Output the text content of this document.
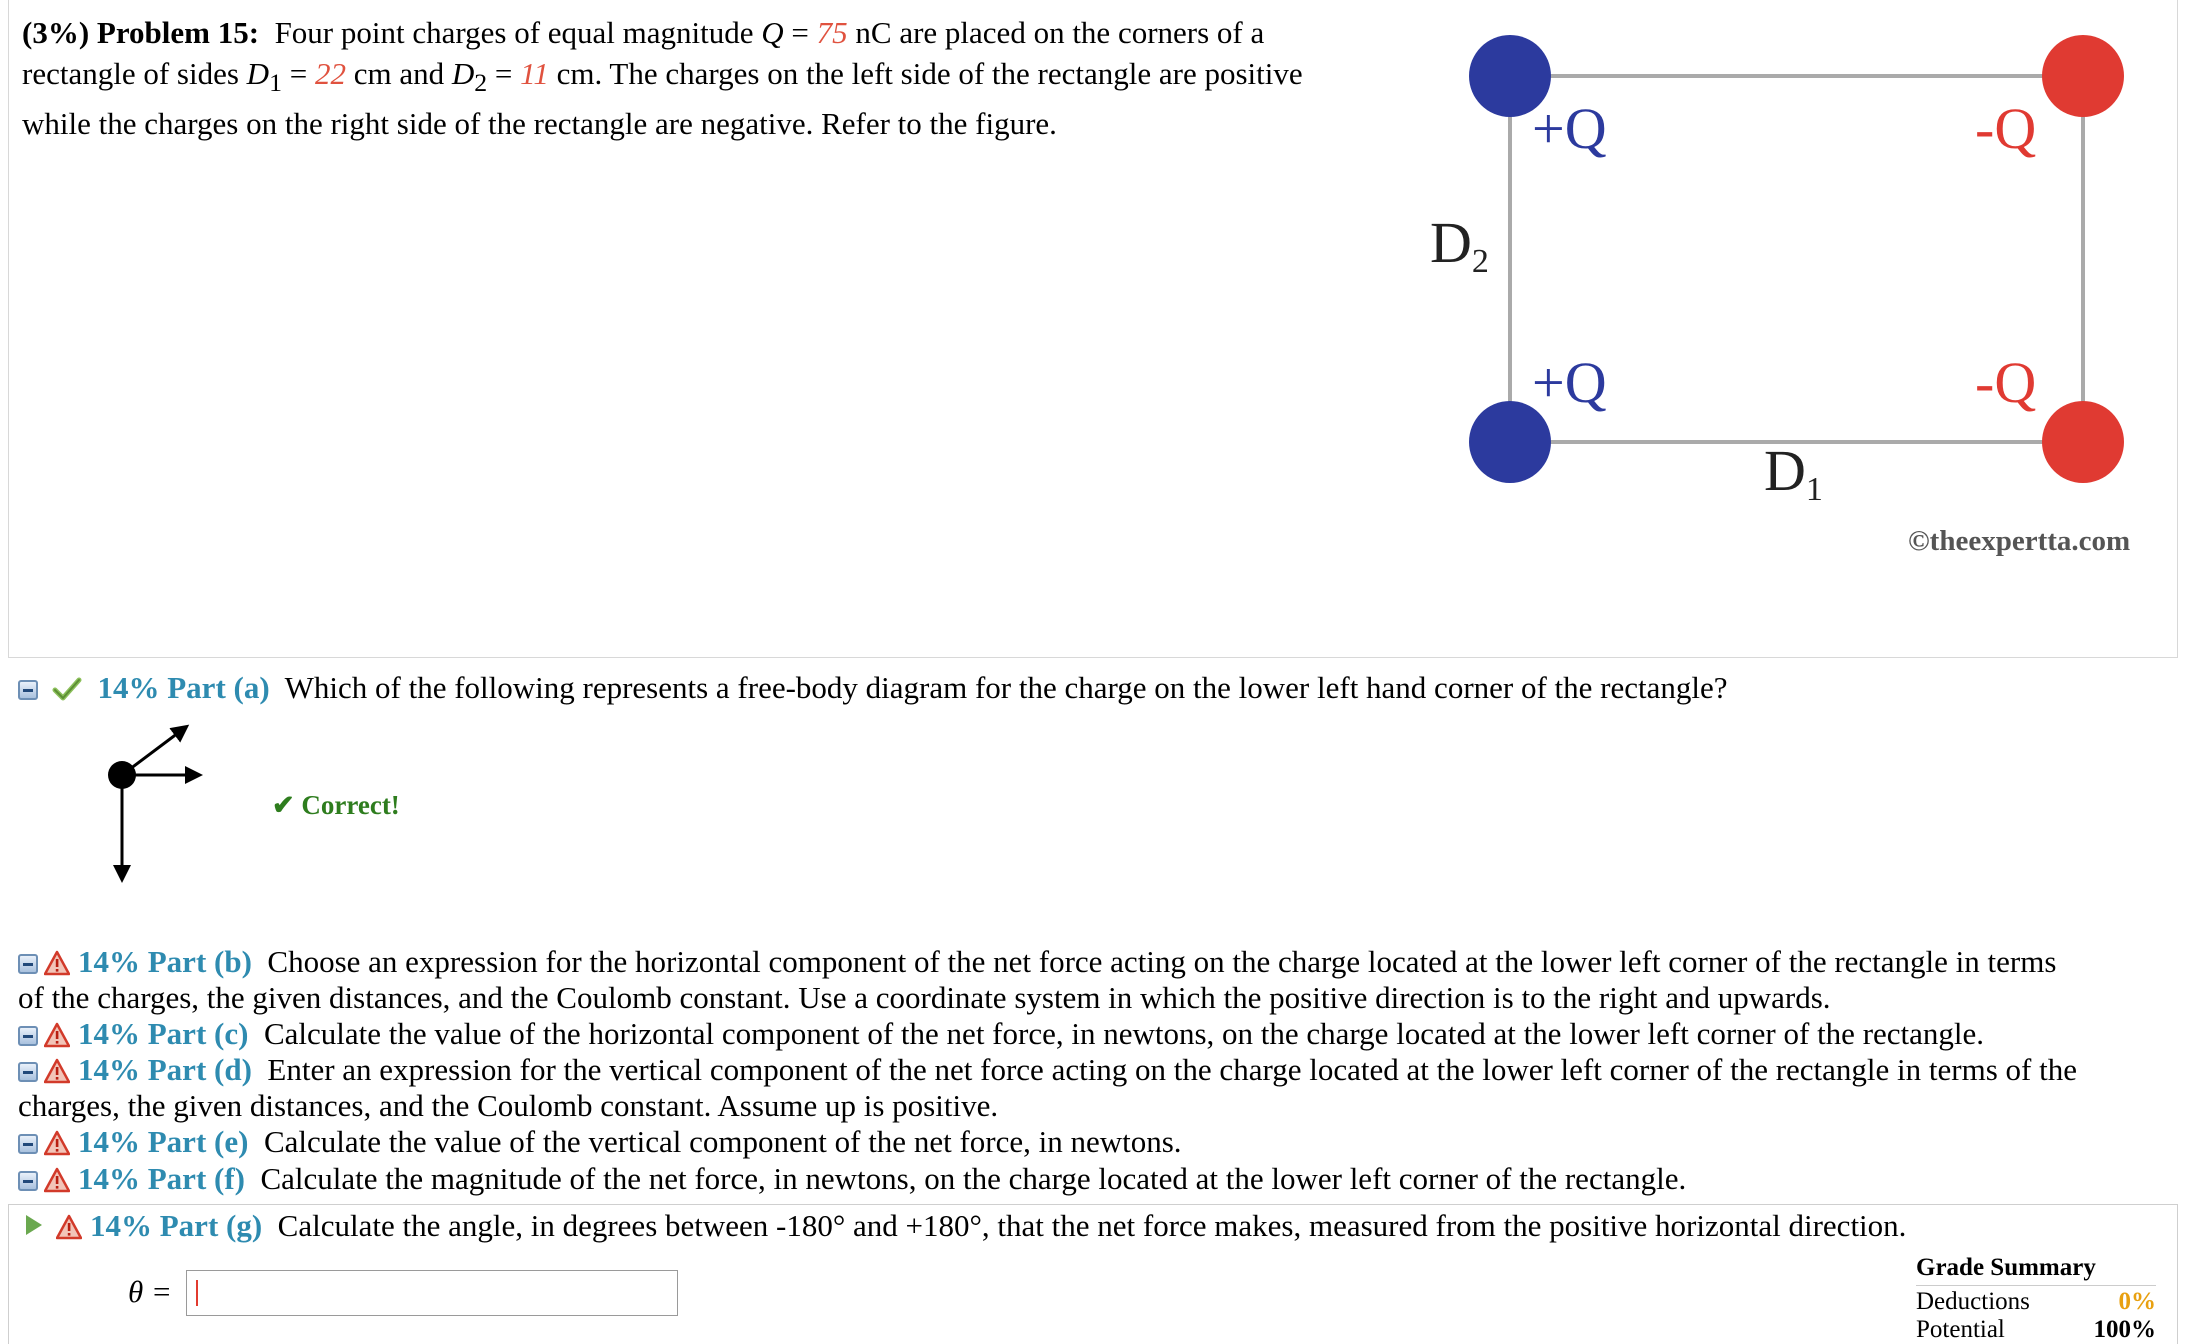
(3%) Problem 15: Four point charges of equal magnitude Q = 75 nC are placed on the corners of a
rectangle of sides $D_1 = 22$ cm and $D_2 = 11$ cm. The charges on the left side of the rectangle are positive
while the charges on the right side of the rectangle are negative. Refer to the figure.	+Q	-Q
+Q	-Q
D2
D1
©theexpertta.com
14% Part (a) Which of the following represents a free-body diagram for the charge on the lower left hand corner of the rectangle?
✔ Correct!
14% Part (b) Choose an expression for the horizontal component of the net force acting on the charge located at the lower left corner of the rectangle in terms
of the charges, the given distances, and the Coulomb constant. Use a coordinate system in which the positive direction is to the right and upwards.
14% Part (c) Calculate the value of the horizontal component of the net force, in newtons, on the charge located at the lower left corner of the rectangle.
14% Part (d) Enter an expression for the vertical component of the net force acting on the charge located at the lower left corner of the rectangle in terms of the
charges, the given distances, and the Coulomb constant. Assume up is positive.
14% Part (e) Calculate the value of the vertical component of the net force, in newtons.
14% Part (f) Calculate the magnitude of the net force, in newtons, on the charge located at the lower left corner of the rectangle.
14% Part (g) Calculate the angle, in degrees between -180° and +180°, that the net force makes, measured from the positive horizontal direction.
θ =
Grade Summary
Deductions	0%
Potential	100%
